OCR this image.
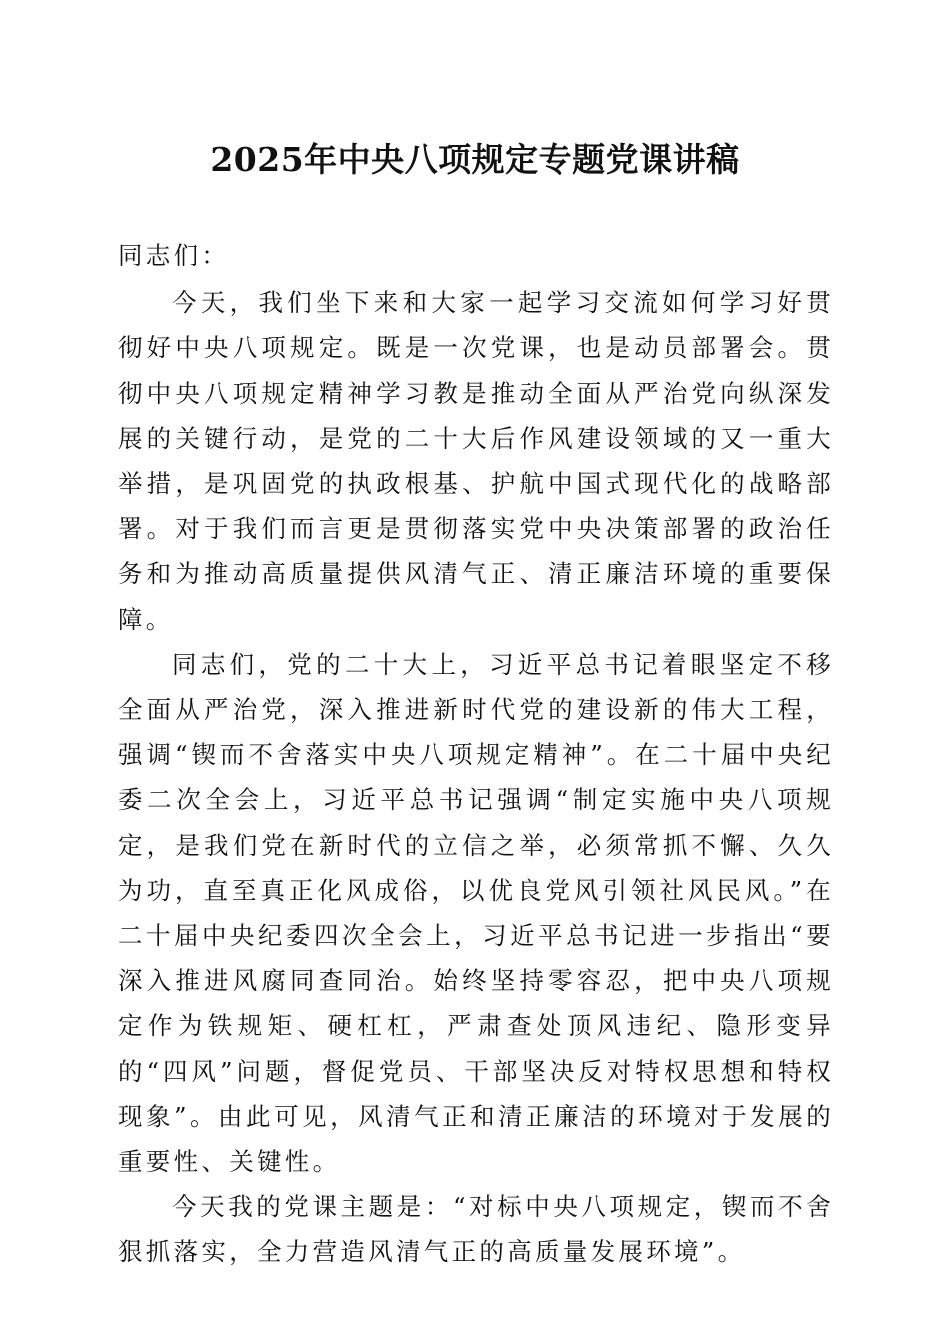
2025年中央八项规定专题党课讲稿

同志们：

今天，我们坐下来和大家一起学习交流如何学习好贯彻好中央八项规定。既是一次党课，也是动员部署会。贯彻中央八项规定精神学习教是推动全面从严治党向纵深发展的关键行动，是党的二十大后作风建设领域的又一重大举措，是巩固党的执政根基、护航中国式现代化的战略部署。对于我们而言更是贯彻落实党中央决策部署的政治任务和为推动高质量提供风清气正、清正廉洁环境的重要保障。

同志们，党的二十大上，习近平总书记着眼坚定不移全面从严治党，深入推进新时代党的建设新的伟大工程，强调“锲而不舍落实中央八项规定精神”。在二十届中央纪委二次全会上，习近平总书记强调“制定实施中央八项规定，是我们党在新时代的立信之举，必须常抓不懈、久久为功，直至真正化风成俗，以优良党风引领社风民风。”在二十届中央纪委四次全会上，习近平总书记进一步指出“要深入推进风腐同查同治。始终坚持零容忍，把中央八项规定作为铁规矩、硬杠杠，严肃查处顶风违纪、隐形变异的“四风”问题，督促党员、干部坚决反对特权思想和特权现象”。由此可见，风清气正和清正廉洁的环境对于发展的重要性、关键性。

今天我的党课主题是：“对标中央八项规定，锲而不舍狠抓落实，全力营造风清气正的高质量发展环境”。
